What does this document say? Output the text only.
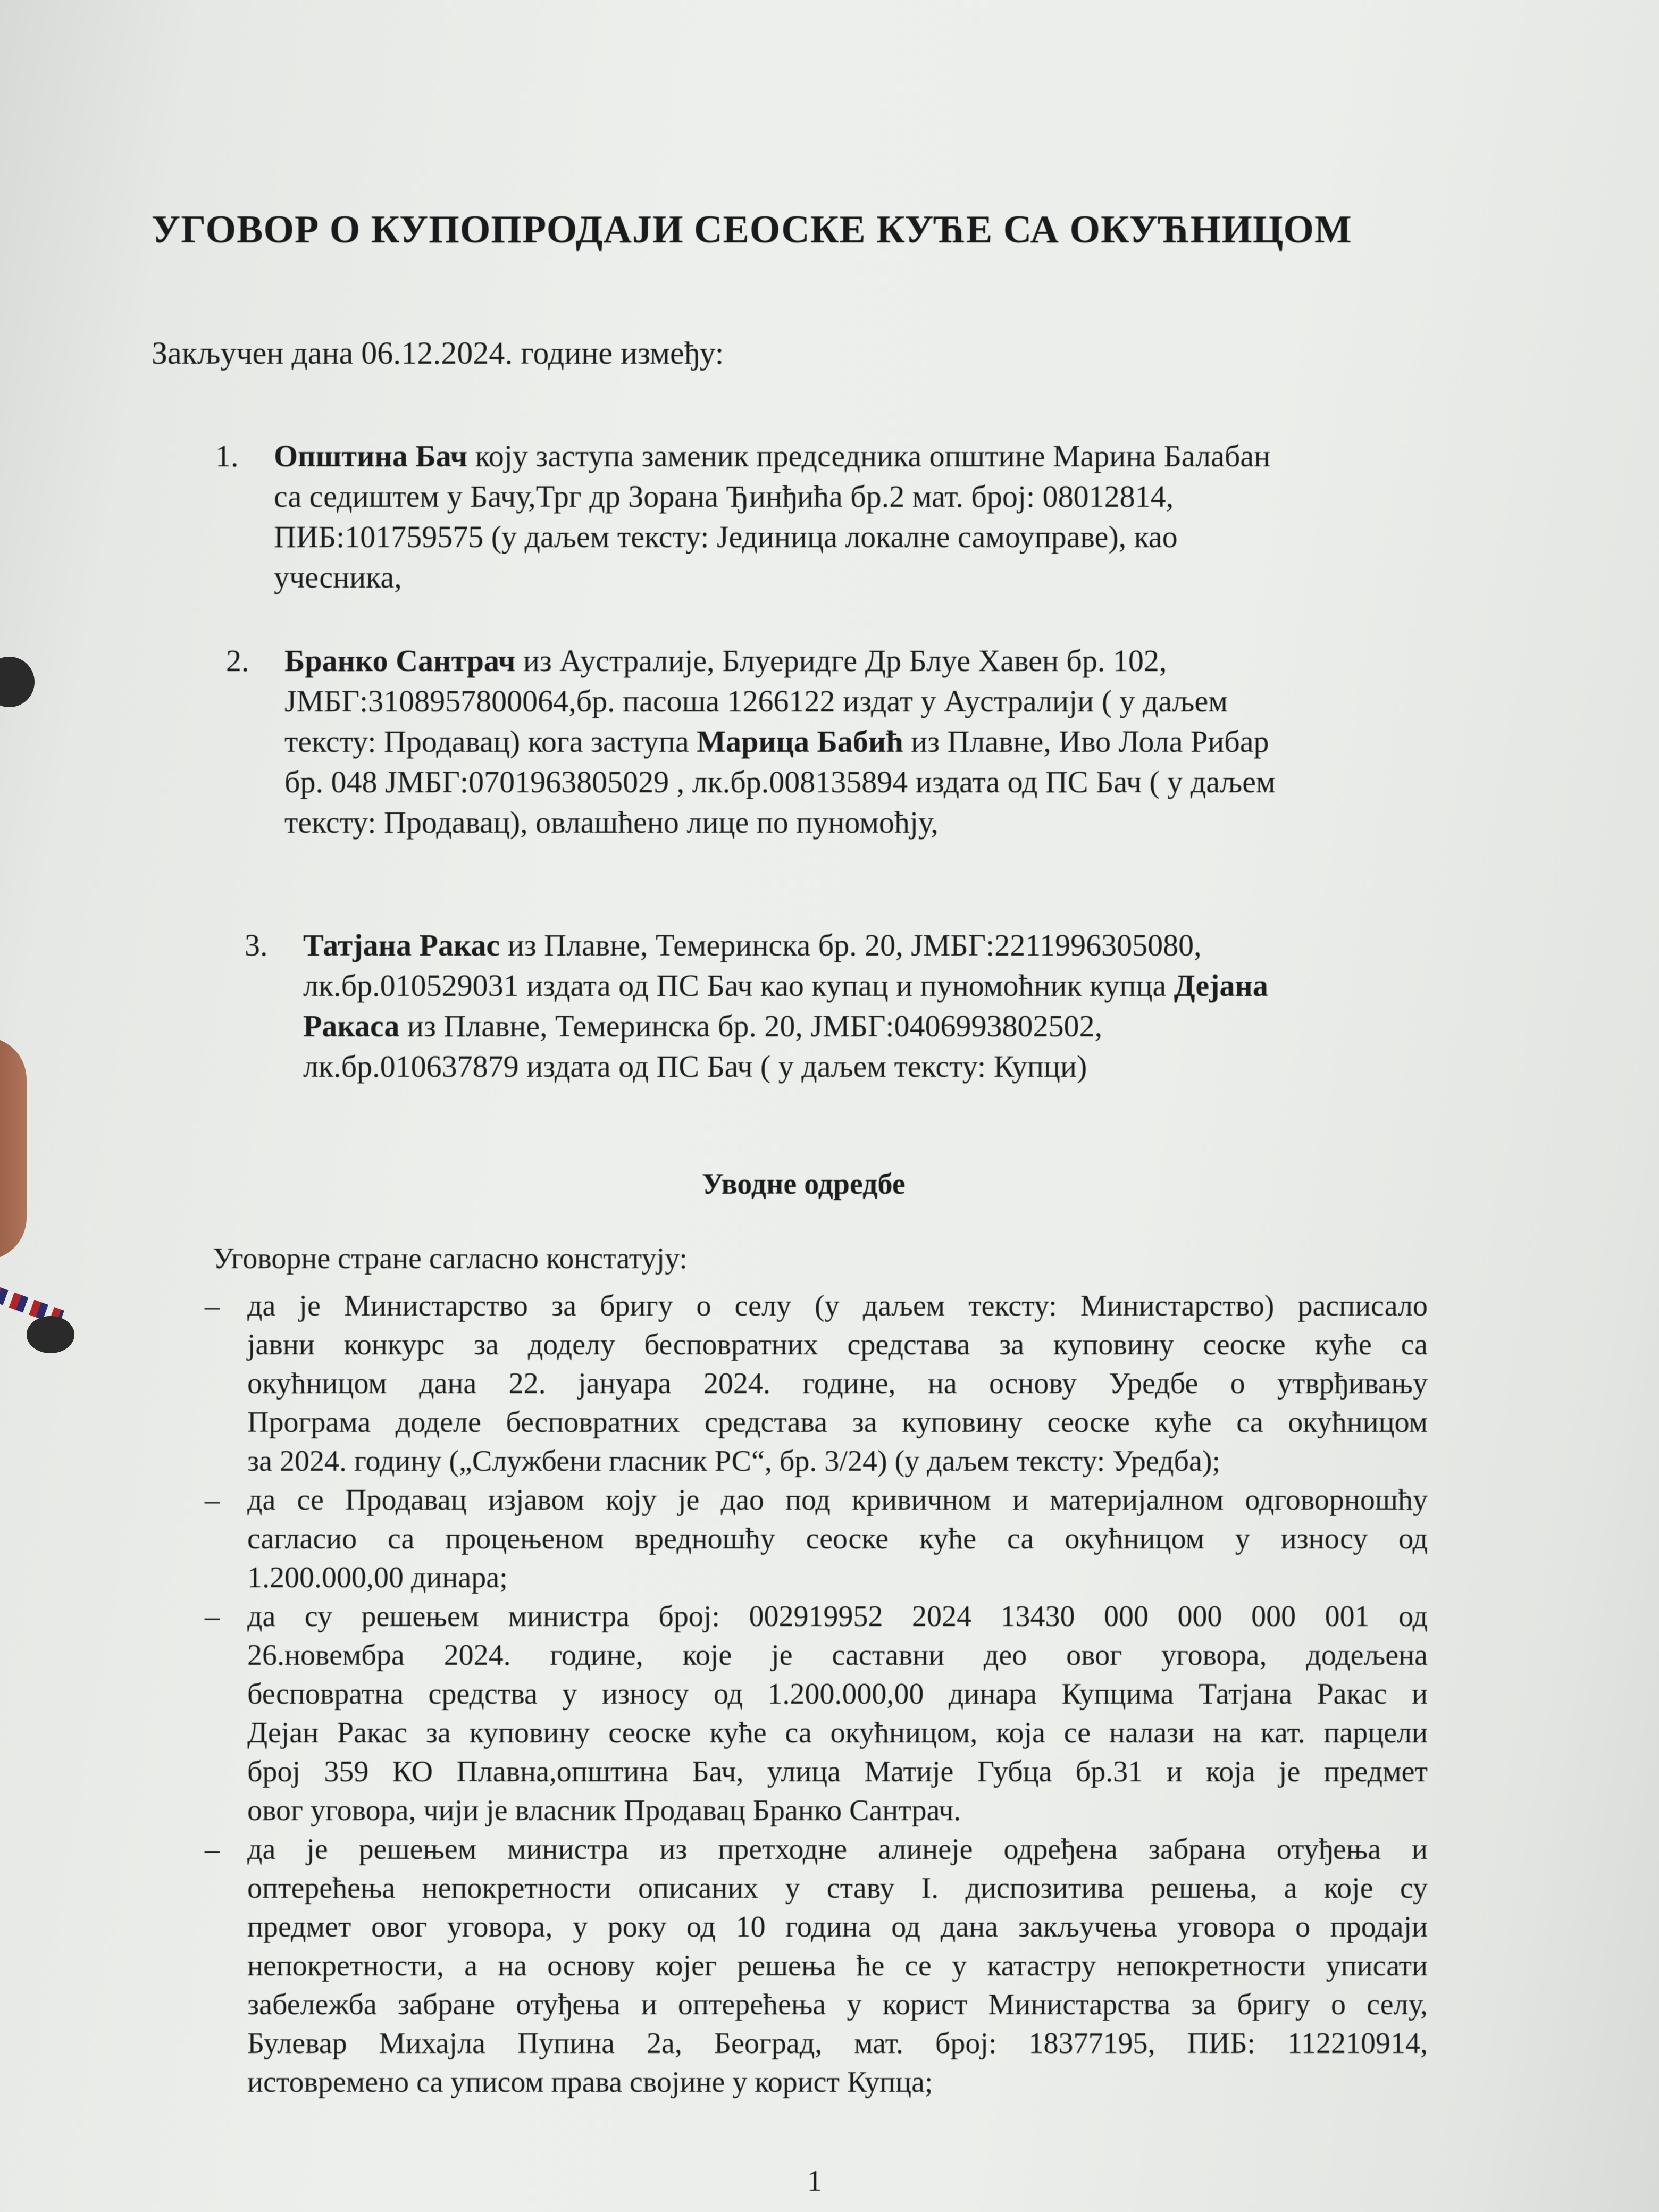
УГОВОР О КУПОПРОДАЈИ СЕОСКЕ КУЋЕ СА ОКУЋНИЦОМ
Закључен дана 06.12.2024. године између:
1. Општина Бач коју заступа заменик председника општине Марина Балабан
са седиштем у Бачу,Трг др Зорана Ђинђића бр.2 мат. број: 08012814,
ПИБ:101759575 (у даљем тексту: Јединица локалне самоуправе), као
учесника,
2. Бранко Сантрач из Аустралије, Блуеридге Др Блуе Хавен бр. 102,
ЈМБГ:3108957800064,бр. пасоша 1266122 издат у Аустралији ( у даљем
тексту: Продавац) кога заступа Марица Бабић из Плавне, Иво Лола Рибар
бр. 048 ЈМБГ:0701963805029 , лк.бр.008135894 издата од ПС Бач ( у даљем
тексту: Продавац), овлашћено лице по пуномоћју,
3. Татјана Ракас из Плавне, Темеринска бр. 20, ЈМБГ:2211996305080,
лк.бр.010529031 издата од ПС Бач као купац и пуномоћник купца Дејана
Ракаса из Плавне, Темеринска бр. 20, ЈМБГ:0406993802502,
лк.бр.010637879 издата од ПС Бач ( у даљем тексту: Купци)
Уводне одредбе
Уговорне стране сагласно констатују:
– да је Министарство за бригу о селу (у даљем тексту: Министарство) расписало
јавни конкурс за доделу бесповратних средстава за куповину сеоске куће са
окућницом дана 22. јануара 2024. године, на основу Уредбе о утврђивању
Програма доделе бесповратних средстава за куповину сеоске куће са окућницом
за 2024. годину („Службени гласник РС“, бр. 3/24) (у даљем тексту: Уредба);
– да се Продавац изјавом коју је дао под кривичном и материјалном одговорношћу
сагласио са процењеном вредношћу сеоске куће са окућницом у износу од
1.200.000,00 динара;
– да су решењем министра број: 002919952 2024 13430 000 000 000 001 од
26.новембра 2024. године, које је саставни део овог уговора, додељена
бесповратна средства у износу од 1.200.000,00 динара Купцима Татјана Ракас и
Дејан Ракас за куповину сеоске куће са окућницом, која се налази на кат. парцели
број 359 КО Плавна,општина Бач, улица Матије Губца бр.31 и која је предмет
овог уговора, чији је власник Продавац Бранко Сантрач.
– да је решењем министра из претходне алинеје одређена забрана отуђења и
оптерећења непокретности описаних у ставу I. диспозитива решења, а које су
предмет овог уговора, у року од 10 година од дана закључења уговора о продаји
непокретности, а на основу којег решења ће се у катастру непокретности уписати
забележба забране отуђења и оптерећења у корист Министарства за бригу о селу,
Булевар Михајла Пупина 2а, Београд, мат. број: 18377195, ПИБ: 112210914,
истовремено са уписом права својине у корист Купца;
1
